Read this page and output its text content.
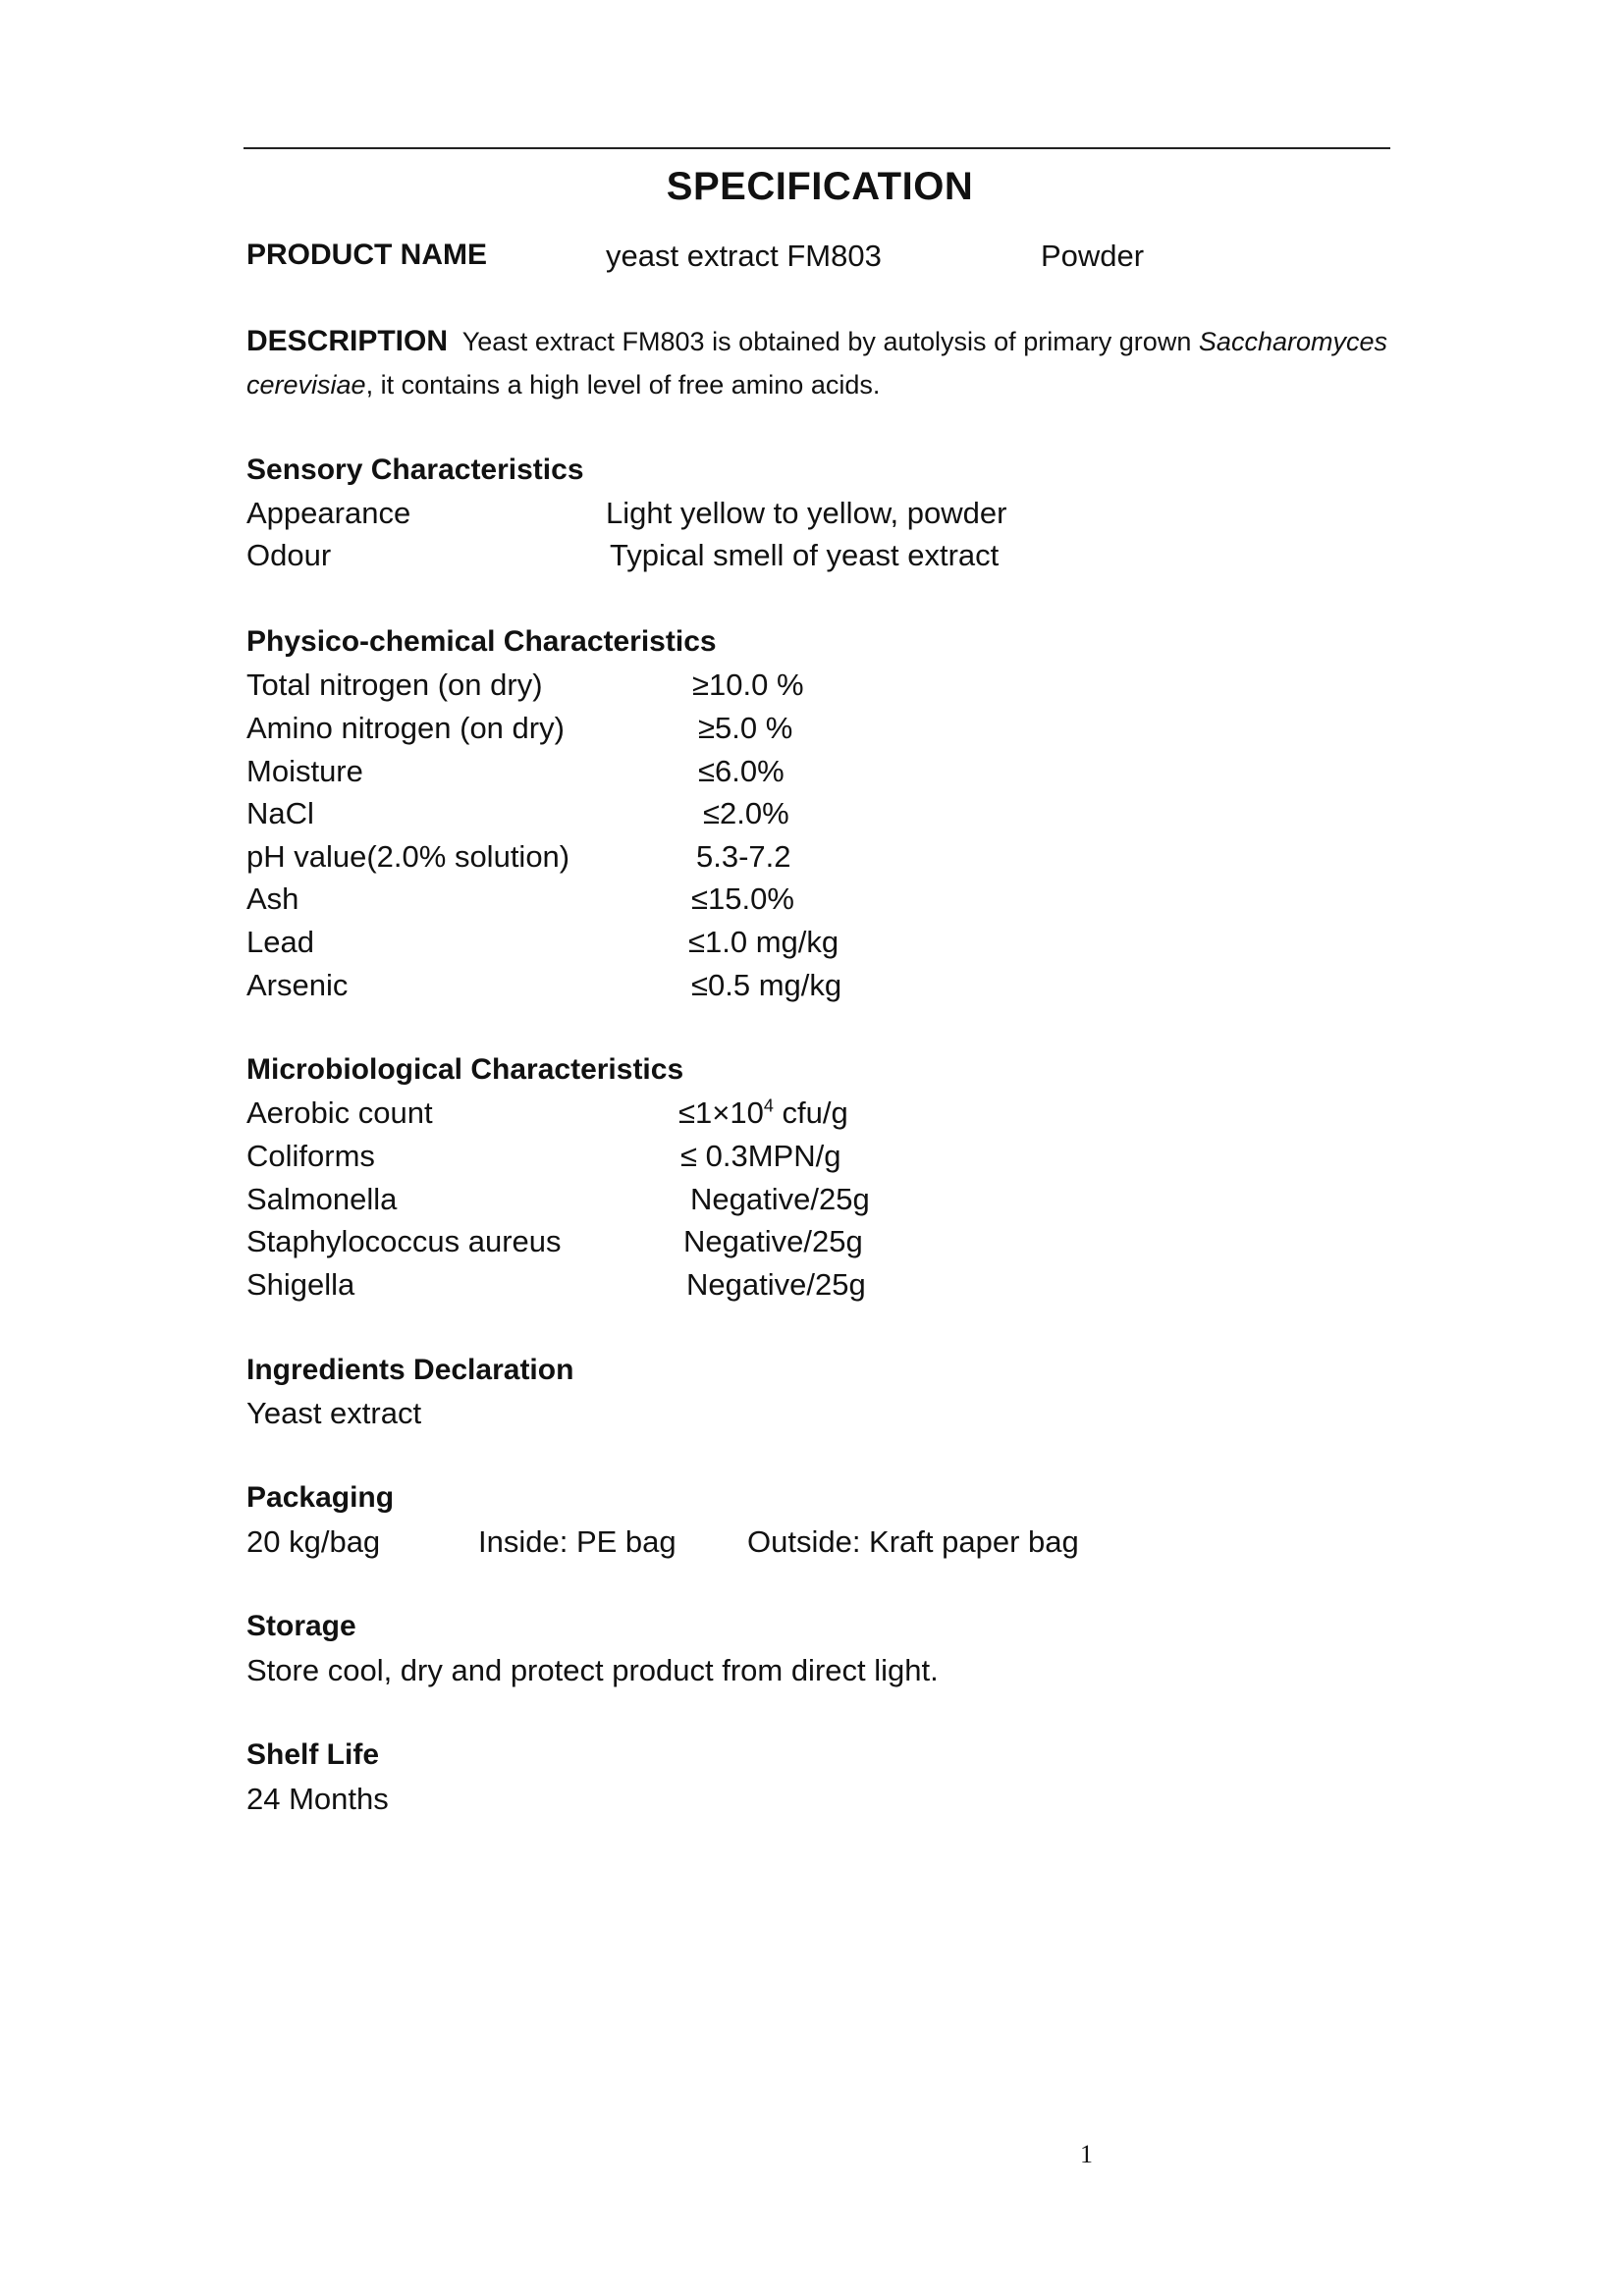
SPECIFICATION
PRODUCT NAME	yeast extract FM803	Powder
DESCRIPTION Yeast extract FM803 is obtained by autolysis of primary grown Saccharomyces cerevisiae, it contains a high level of free amino acids.
Sensory Characteristics
Appearance	Light yellow to yellow, powder
Odour	Typical smell of yeast extract
Physico-chemical Characteristics
Total nitrogen (on dry)	≥10.0 %
Amino nitrogen (on dry)	≥5.0 %
Moisture	≤6.0%
NaCl	≤2.0%
pH value(2.0% solution)	5.3-7.2
Ash	≤15.0%
Lead	≤1.0 mg/kg
Arsenic	≤0.5 mg/kg
Microbiological Characteristics
Aerobic count	$\le 1\times 10^4$ cfu/g
Coliforms	≤ 0.3MPN/g
Salmonella	Negative/25g
Staphylococcus aureus	Negative/25g
Shigella	Negative/25g
Ingredients Declaration
Yeast extract
Packaging
20 kg/bag	Inside: PE bag Outside: Kraft paper bag
Storage
Store cool, dry and protect product from direct light.
Shelf Life
24 Months
1
